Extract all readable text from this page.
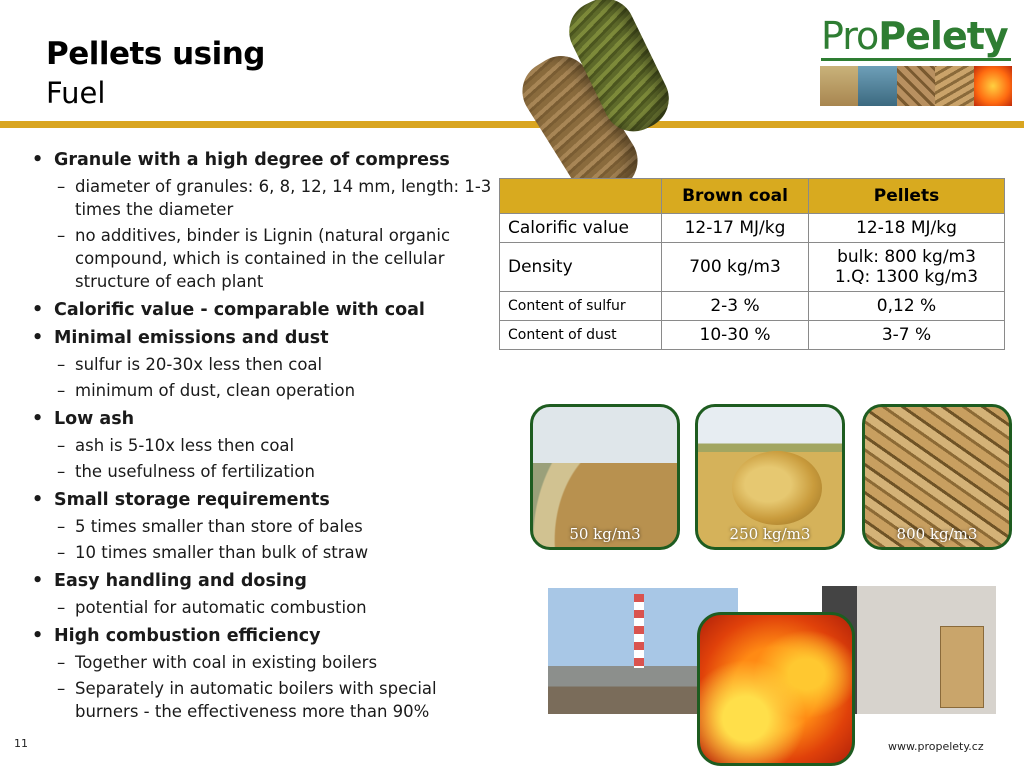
Pellets using
Fuel
ProPelety

• Granule with a high degree of compress

– diameter of granules: 6, 8, 12, 14 mm, length: 1-3 times the diameter

– no additives, binder is Lignin (natural organic compound, which is contained in the cellular structure of each plant

• Calorific value - comparable with coal

• Minimal emissions and dust

– sulfur is 20-30x less then coal

– minimum of dust, clean operation

• Low ash

– ash is 5-10x less then coal

– the usefulness of fertilization

• Small storage requirements

– 5 times smaller than store of bales

– 10 times smaller than bulk of straw

• Easy handling and dosing

– potential for automatic combustion

• High combustion efficiency

– Together with coal in existing boilers

– Separately in automatic boilers with special burners - the effectiveness more than 90%

	Brown coal	Pellets
Calorific value	12-17 MJ/kg	12-18 MJ/kg
Density	700 kg/m3	bulk: 800 kg/m3
1.Q: 1300 kg/m3

Content of sulfur	2-3 %	0,12 %
Content of dust	10-30 %	3-7 %
50 kg/m3	250 kg/m3	800 kg/m3
11	www.propelety.cz
